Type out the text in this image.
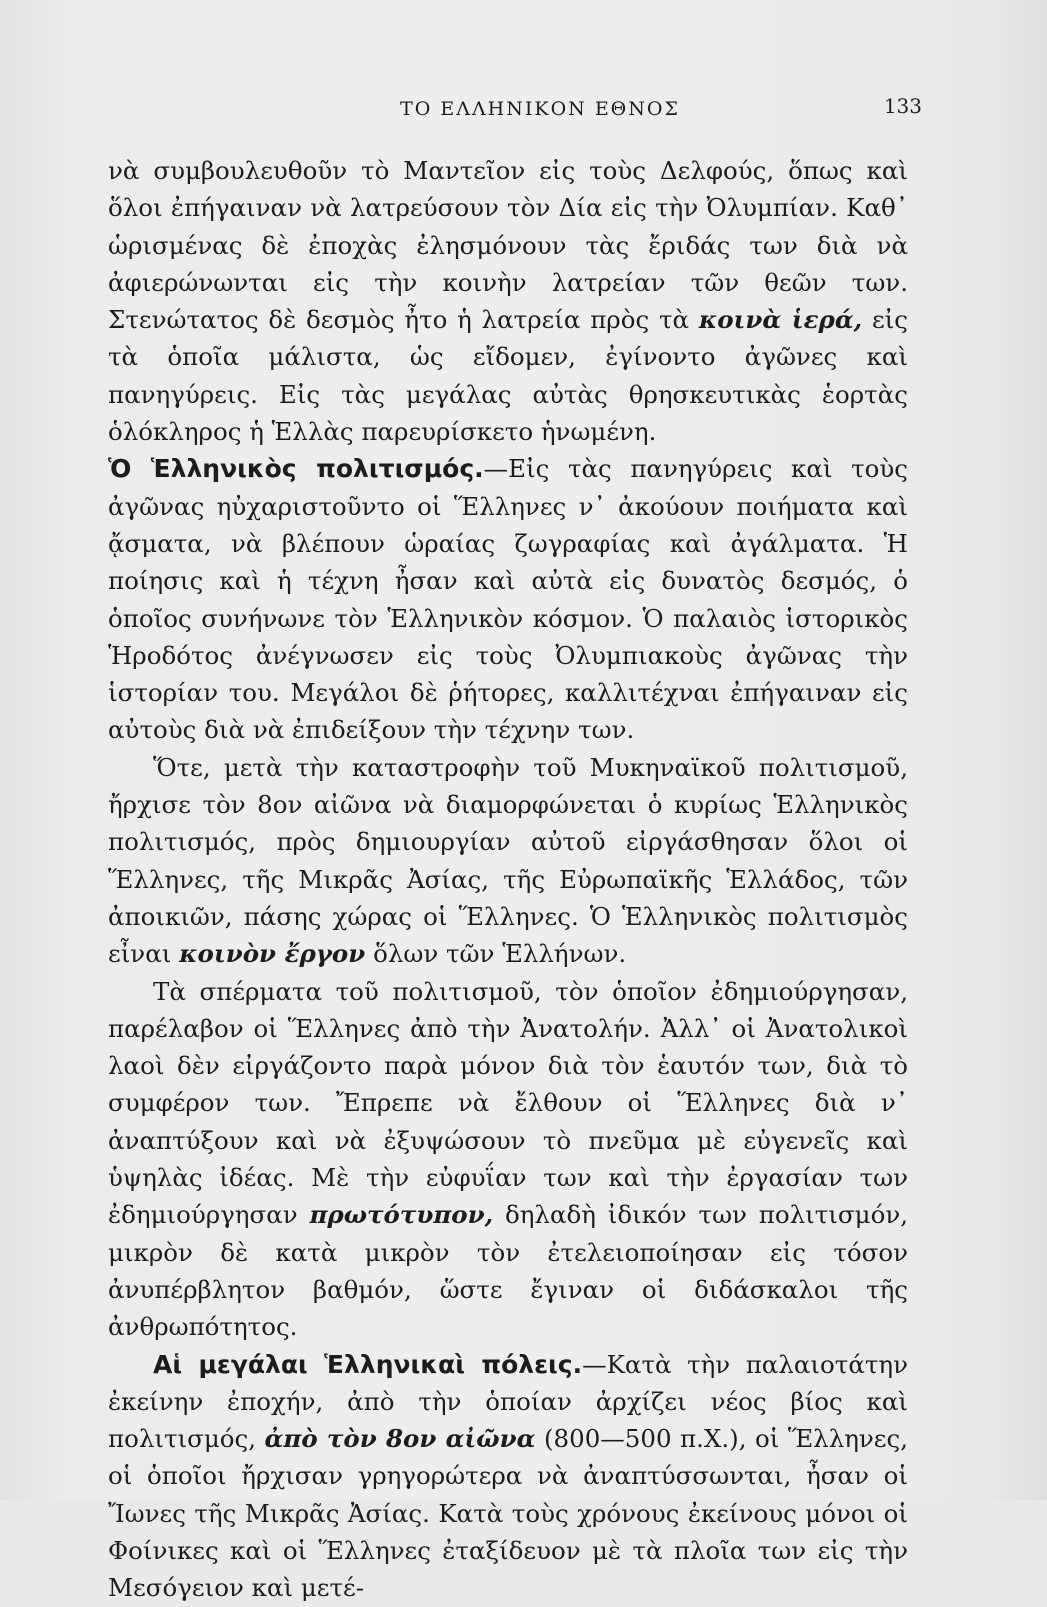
ΤΟ ΕΛΛΗΝΙΚΟΝ ΕΘΝΟΣ	133

νὰ συμβουλευθοῦν τὸ Μαντεῖον εἰς τοὺς Δελφούς, ὅπως καὶ ὅλοι ἐπήγαιναν νὰ λατρεύσουν τὸν Δία εἰς τὴν Ὀλυμπίαν. Καθ᾽ ὡρισμένας δὲ ἐποχὰς ἐλησμόνουν τὰς ἔριδάς των διὰ νὰ ἀφιερώνωνται εἰς τὴν κοινὴν λατρείαν τῶν θεῶν των. Στενώτατος δὲ δεσμὸς ἦτο ἡ λατρεία πρὸς τὰ κοινὰ ἱερά, εἰς τὰ ὁποῖα μάλιστα, ὡς εἴδομεν, ἐγίνοντο ἀγῶνες καὶ πανηγύρεις. Εἰς τὰς μεγάλας αὐτὰς θρησκευτικὰς ἑορτὰς ὁλόκληρος ἡ Ἑλλὰς παρευρίσκετο ἡνωμένη.

Ὁ Ἑλληνικὸς πολιτισμός.—Εἰς τὰς πανηγύρεις καὶ τοὺς ἀγῶνας ηὐχαριστοῦντο οἱ Ἕλληνες ν᾽ ἀκούουν ποιήματα καὶ ᾄσματα, νὰ βλέπουν ὡραίας ζωγραφίας καὶ ἀγάλματα. Ἡ ποίησις καὶ ἡ τέχνη ἦσαν καὶ αὐτὰ εἰς δυνατὸς δεσμός, ὁ ὁποῖος συνήνωνε τὸν Ἑλληνικὸν κόσμον. Ὁ παλαιὸς ἱστορικὸς Ἡροδότος ἀνέγνωσεν εἰς τοὺς Ὀλυμπιακοὺς ἀγῶνας τὴν ἱστορίαν του. Μεγάλοι δὲ ῥήτορες, καλλιτέχναι ἐπήγαιναν εἰς αὐτοὺς διὰ νὰ ἐπιδείξουν τὴν τέχνην των.

Ὅτε, μετὰ τὴν καταστροφὴν τοῦ Μυκηναϊκοῦ πολιτισμοῦ, ἤρχισε τὸν 8ον αἰῶνα νὰ διαμορφώνεται ὁ κυρίως Ἑλληνικὸς πολιτισμός, πρὸς δημιουργίαν αὐτοῦ εἰργάσθησαν ὅλοι οἱ Ἕλληνες, τῆς Μικρᾶς Ἀσίας, τῆς Εὐρωπαϊκῆς Ἑλλάδος, τῶν ἀποικιῶν, πάσης χώρας οἱ Ἕλληνες. Ὁ Ἑλληνικὸς πολιτισμὸς εἶναι κοινὸν ἔργον ὅλων τῶν Ἑλλήνων.

Τὰ σπέρματα τοῦ πολιτισμοῦ, τὸν ὁποῖον ἐδημιούργησαν, παρέλαβον οἱ Ἕλληνες ἀπὸ τὴν Ἀνατολήν. Ἀλλ᾽ οἱ Ἀνατολικοὶ λαοὶ δὲν εἰργάζοντο παρὰ μόνον διὰ τὸν ἑαυτόν των, διὰ τὸ συμφέρον των. Ἔπρεπε νὰ ἔλθουν οἱ Ἕλληνες διὰ ν᾽ ἀναπτύξουν καὶ νὰ ἐξυψώσουν τὸ πνεῦμα μὲ εὐγενεῖς καὶ ὑψηλὰς ἰδέας. Μὲ τὴν εὐφυΐαν των καὶ τὴν ἐργασίαν των ἐδημιούργησαν πρωτότυπον, δηλαδὴ ἰδικόν των πολιτισμόν, μικρὸν δὲ κατὰ μικρὸν τὸν ἐτελειοποίησαν εἰς τόσον ἀνυπέρβλητον βαθμόν, ὥστε ἔγιναν οἱ διδάσκαλοι τῆς ἀνθρωπότητος.

Αἱ μεγάλαι Ἑλληνικαὶ πόλεις.—Κατὰ τὴν παλαιοτάτην ἐκείνην ἐποχήν, ἀπὸ τὴν ὁποίαν ἀρχίζει νέος βίος καὶ πολιτισμός, ἀπὸ τὸν 8ον αἰῶνα (800—500 π.Χ.), οἱ Ἕλληνες, οἱ ὁποῖοι ἤρχισαν γρηγορώτερα νὰ ἀναπτύσσωνται, ἦσαν οἱ Ἴωνες τῆς Μικρᾶς Ἀσίας. Κατὰ τοὺς χρόνους ἐκείνους μόνοι οἱ Φοίνικες καὶ οἱ Ἕλληνες ἐταξίδευον μὲ τὰ πλοῖα των εἰς τὴν Μεσόγειον καὶ μετέ-
